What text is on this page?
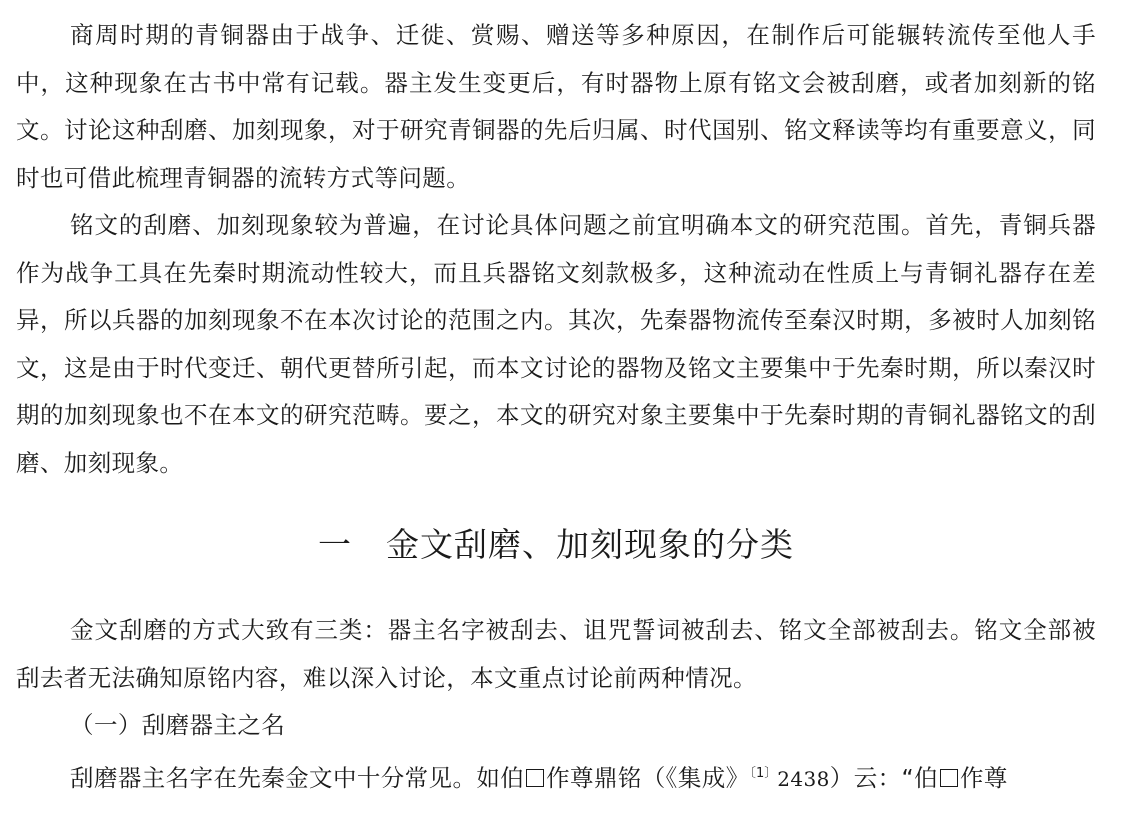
商周时期的青铜器由于战争、迁徙、赏赐、赠送等多种原因，在制作后可能辗转流传至他人手中，这种现象在古书中常有记载。器主发生变更后，有时器物上原有铭文会被刮磨，或者加刻新的铭文。讨论这种刮磨、加刻现象，对于研究青铜器的先后归属、时代国别、铭文释读等均有重要意义，同时也可借此梳理青铜器的流转方式等问题。

铭文的刮磨、加刻现象较为普遍，在讨论具体问题之前宜明确本文的研究范围。首先，青铜兵器作为战争工具在先秦时期流动性较大，而且兵器铭文刻款极多，这种流动在性质上与青铜礼器存在差异，所以兵器的加刻现象不在本次讨论的范围之内。其次，先秦器物流传至秦汉时期，多被时人加刻铭文，这是由于时代变迁、朝代更替所引起，而本文讨论的器物及铭文主要集中于先秦时期，所以秦汉时期的加刻现象也不在本文的研究范畴。要之，本文的研究对象主要集中于先秦时期的青铜礼器铭文的刮磨、加刻现象。

一 金文刮磨、加刻现象的分类

金文刮磨的方式大致有三类：器主名字被刮去、诅咒誓词被刮去、铭文全部被刮去。铭文全部被刮去者无法确知原铭内容，难以深入讨论，本文重点讨论前两种情况。

（一）刮磨器主之名

刮磨器主名字在先秦金文中十分常见。如伯 作尊鼎铭（《集成》$^{〔1〕}$2438）云：“伯 作尊
